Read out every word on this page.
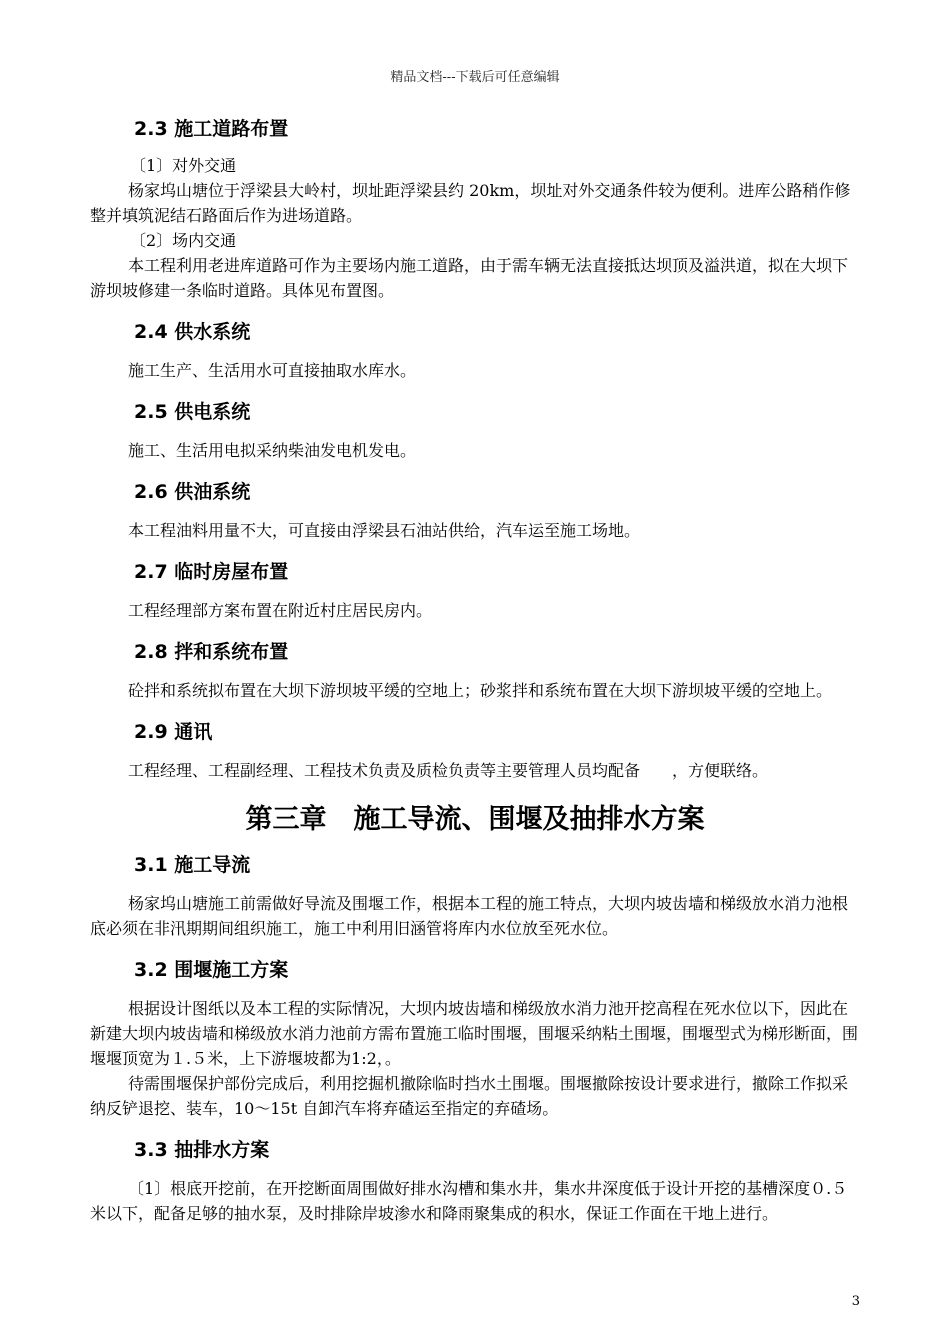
精品文档---下载后可任意编辑
2.3 施工道路布置

〔1〕对外交通

杨家坞山塘位于浮梁县大岭村，坝址距浮梁县约 20km，坝址对外交通条件较为便利。进库公路稍作修整并填筑泥结石路面后作为进场道路。

〔2〕场内交通

本工程利用老进库道路可作为主要场内施工道路，由于需车辆无法直接抵达坝顶及溢洪道，拟在大坝下游坝坡修建一条临时道路。具体见布置图。

2.4 供水系统

施工生产、生活用水可直接抽取水库水。

2.5 供电系统

施工、生活用电拟采纳柴油发电机发电。

2.6 供油系统

本工程油料用量不大，可直接由浮梁县石油站供给，汽车运至施工场地。

2.7 临时房屋布置

工程经理部方案布置在附近村庄居民房内。

2.8 拌和系统布置

砼拌和系统拟布置在大坝下游坝坡平缓的空地上；砂浆拌和系统布置在大坝下游坝坡平缓的空地上。

2.9 通讯

工程经理、工程副经理、工程技术负责及质检负责等主要管理人员均配备　　，方便联络。

第三章　施工导流、围堰及抽排水方案
3.1 施工导流

杨家坞山塘施工前需做好导流及围堰工作，根据本工程的施工特点，大坝内坡齿墙和梯级放水消力池根底必须在非汛期期间组织施工，施工中利用旧涵管将库内水位放至死水位。

3.2 围堰施工方案

根据设计图纸以及本工程的实际情况，大坝内坡齿墙和梯级放水消力池开挖高程在死水位以下，因此在新建大坝内坡齿墙和梯级放水消力池前方需布置施工临时围堰，围堰采纳粘土围堰，围堰型式为梯形断面，围堰堰顶宽为１.５米，上下游堰坡都为1:2，。

待需围堰保护部份完成后，利用挖掘机撤除临时挡水土围堰。围堰撤除按设计要求进行，撤除工作拟采纳反铲退挖、装车，10～15t 自卸汽车将弃碴运至指定的弃碴场。

3.3 抽排水方案

〔1〕根底开挖前，在开挖断面周围做好排水沟槽和集水井，集水井深度低于设计开挖的基槽深度０.５米以下，配备足够的抽水泵，及时排除岸坡渗水和降雨聚集成的积水，保证工作面在干地上进行。

3
